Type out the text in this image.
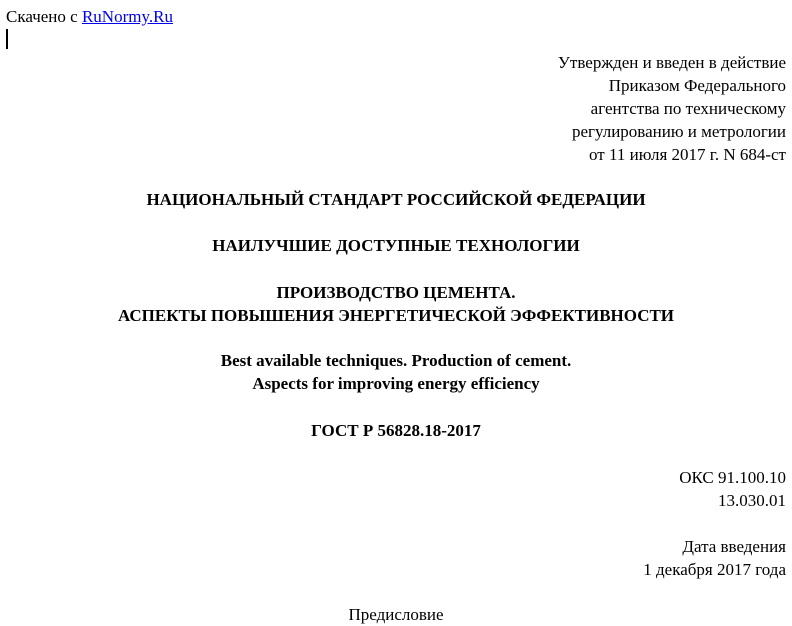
Скачено с RuNormy.Ru
Утвержден и введен в действие
Приказом Федерального
агентства по техническому
регулированию и метрологии
от 11 июля 2017 г. N 684-ст
НАЦИОНАЛЬНЫЙ СТАНДАРТ РОССИЙСКОЙ ФЕДЕРАЦИИ
НАИЛУЧШИЕ ДОСТУПНЫЕ ТЕХНОЛОГИИ
ПРОИЗВОДСТВО ЦЕМЕНТА.
АСПЕКТЫ ПОВЫШЕНИЯ ЭНЕРГЕТИЧЕСКОЙ ЭФФЕКТИВНОСТИ
Best available techniques. Production of cement.
Aspects for improving energy efficiency
ГОСТ Р 56828.18-2017
ОКС 91.100.10
13.030.01
Дата введения
1 декабря 2017 года
Предисловие
